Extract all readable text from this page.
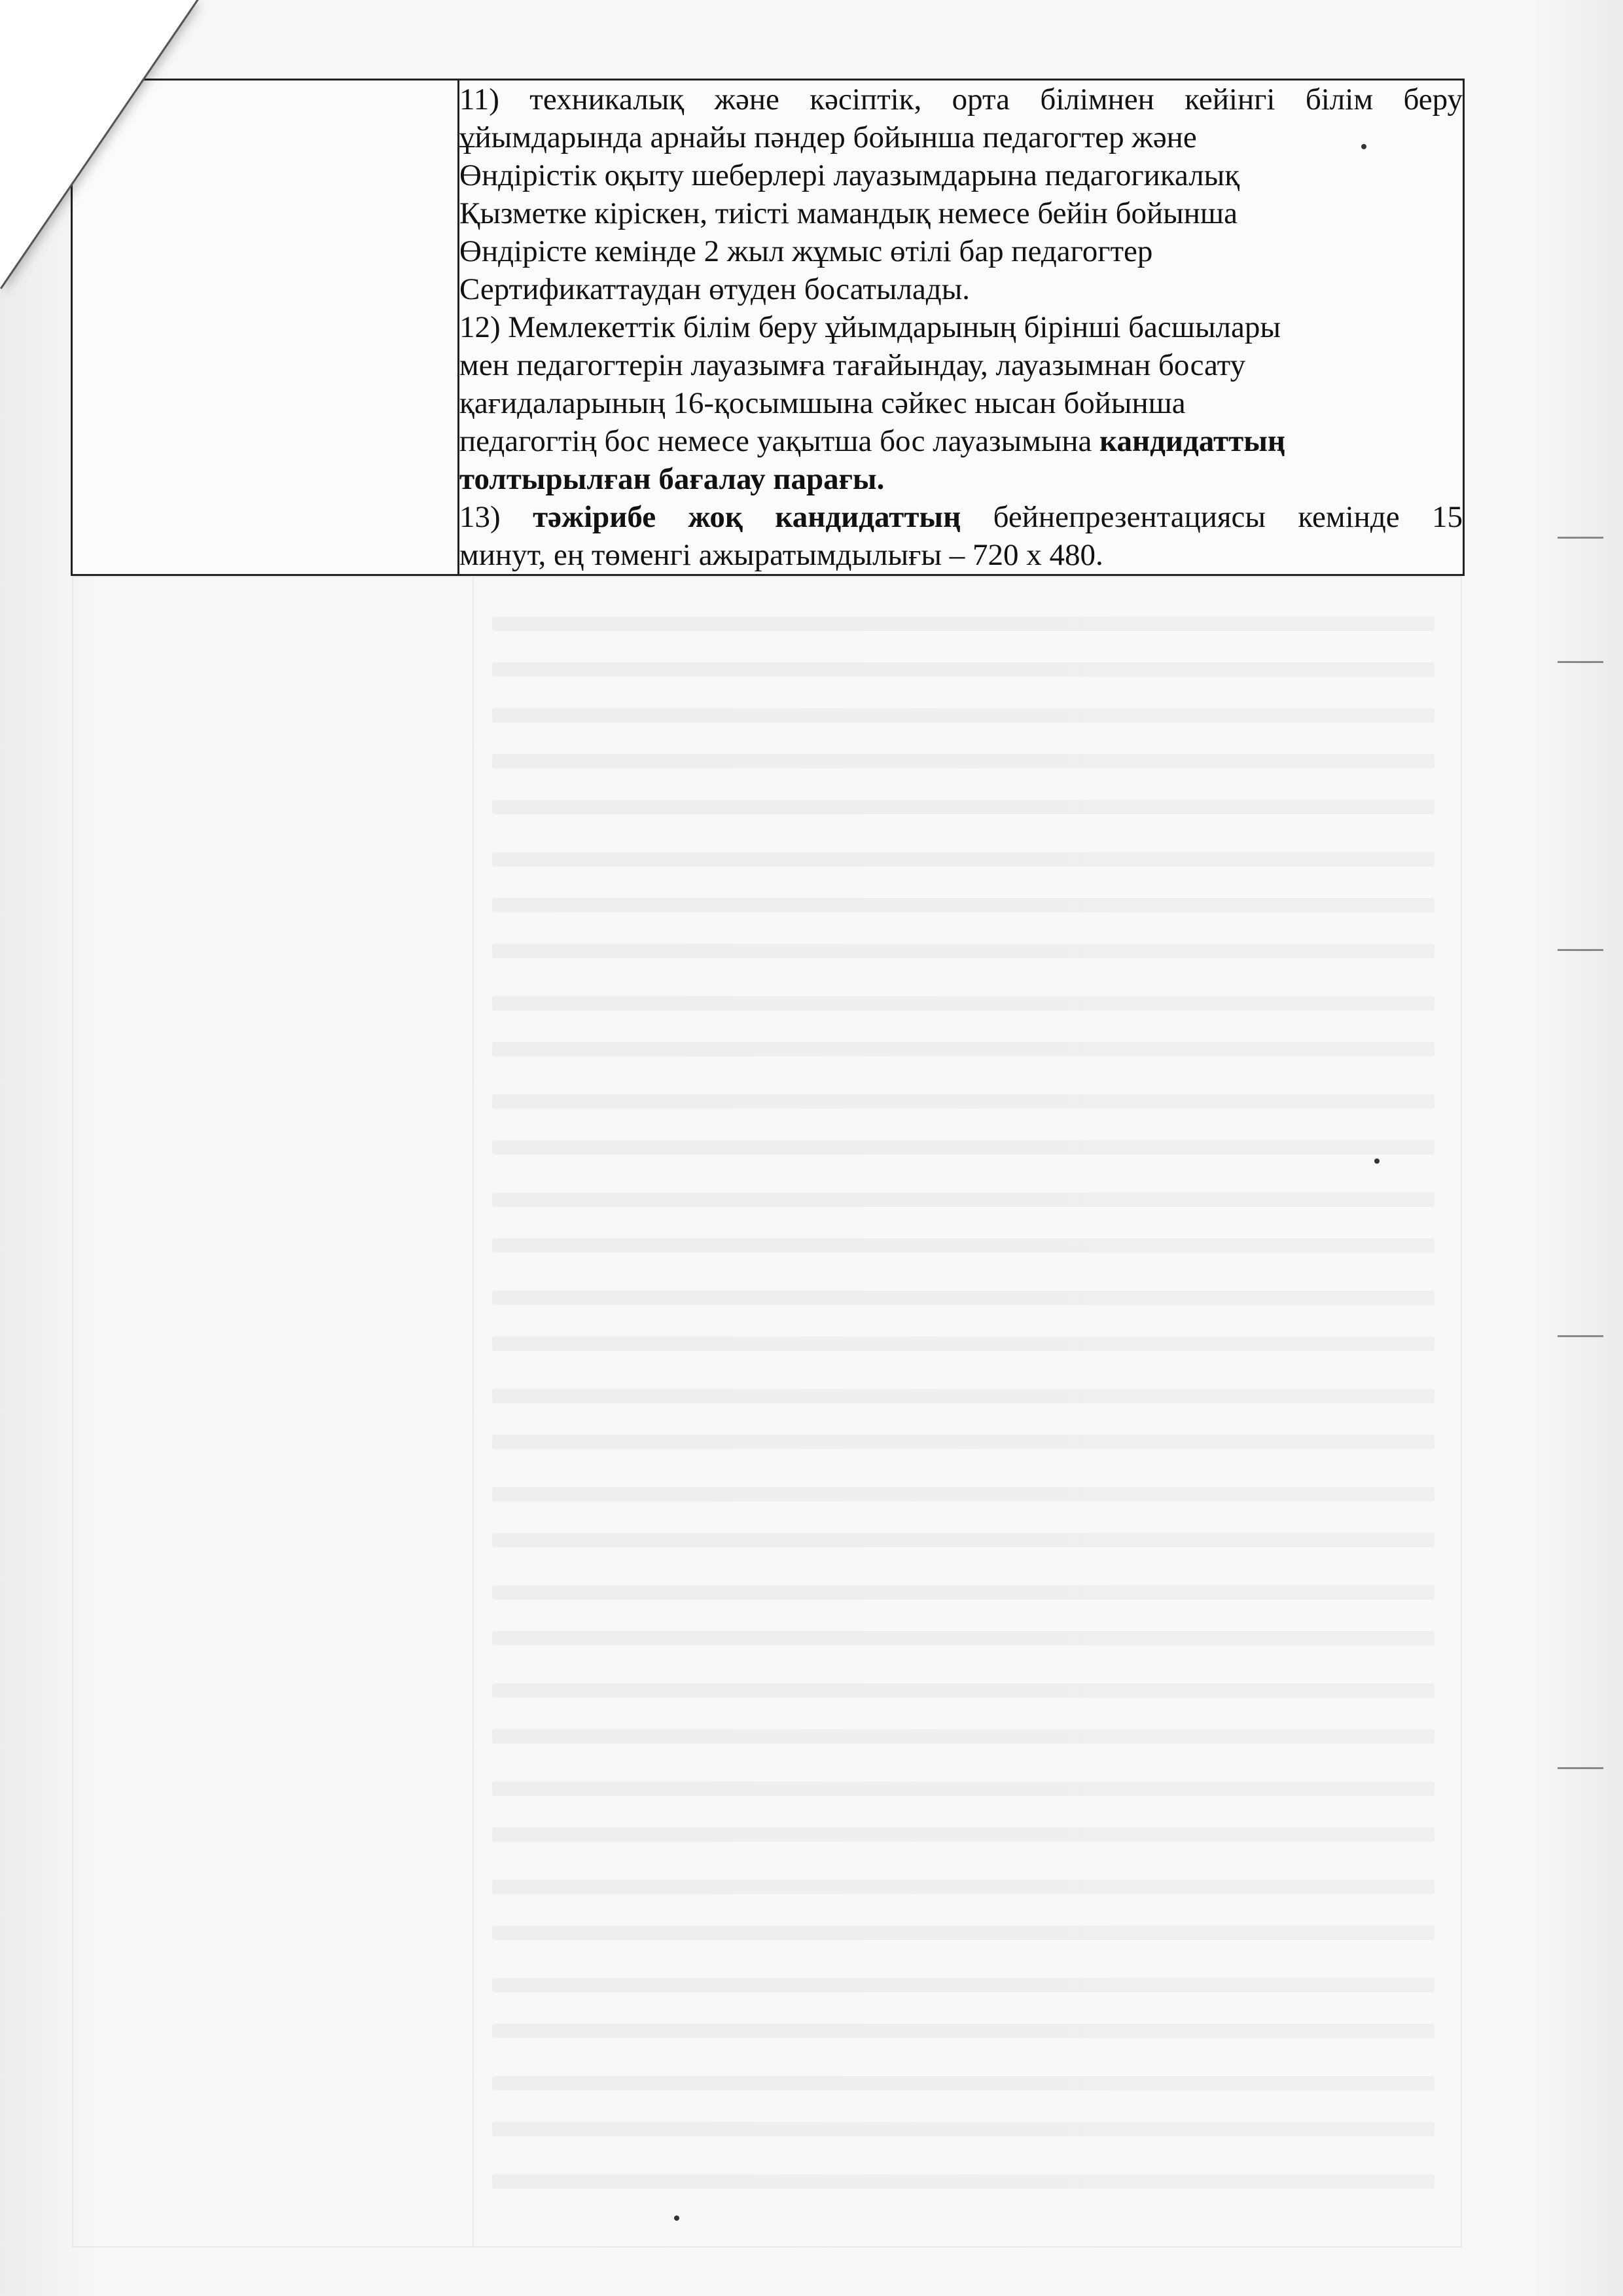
11) техникалық және кәсіптік, орта білімнен кейінгі білім беру
ұйымдарында арнайы пәндер бойынша педагогтер және
Өндірістік оқыту шеберлері лауазымдарына педагогикалық
Қызметке кіріскен, тиісті мамандық немесе бейін бойынша
Өндірісте кемінде 2 жыл жұмыс өтілі бар педагогтер
Сертификаттаудан өтуден босатылады.

12) Мемлекеттік білім беру ұйымдарының бірінші басшылары
мен педагогтерін лауазымға тағайындау, лауазымнан босату
қағидаларының 16-қосымшына сәйкес нысан бойынша
педагогтің бос немесе уақытша бос лауазымына кандидаттың
толтырылған бағалау парағы.

13) тәжірибе жоқ кандидаттың бейнепрезентациясы кемінде 15
минут, ең төменгі ажыратымдылығы – 720 х 480.
